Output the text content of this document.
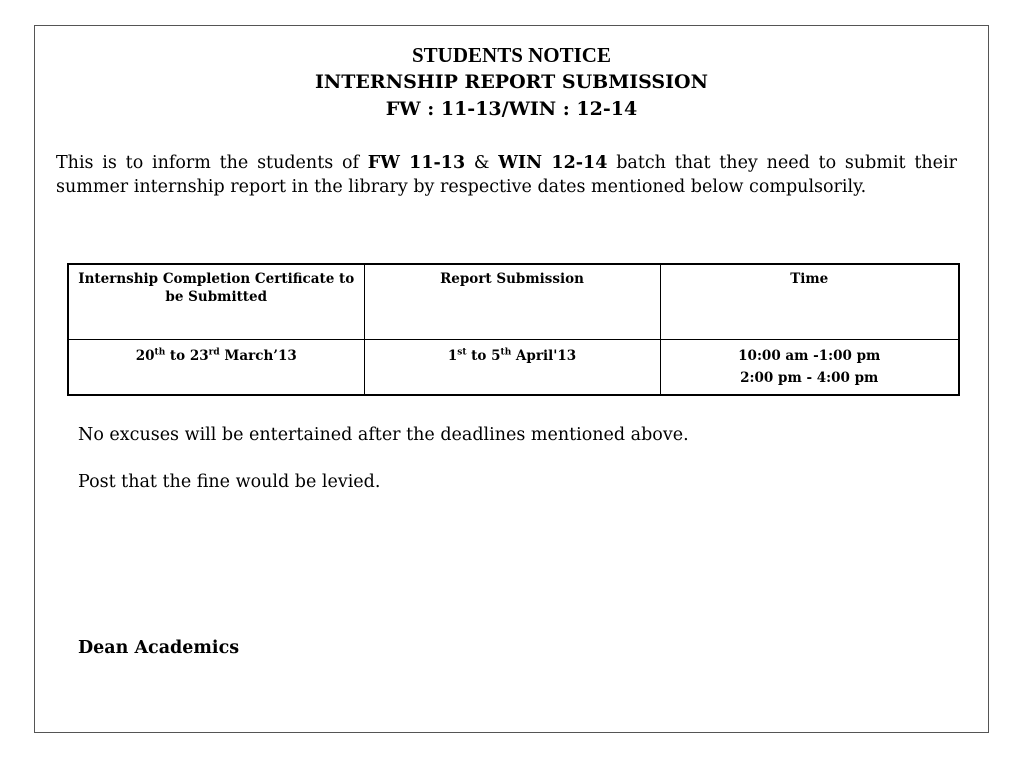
STUDENTS NOTICE
INTERNSHIP REPORT SUBMISSION
FW : 11-13/WIN : 12-14
This is to inform the students of FW 11-13 & WIN 12-14 batch that they need to submit their summer internship report in the library by respective dates mentioned below compulsorily.
Internship Completion Certificate to be Submitted	Report Submission	Time
20th to 23rd March’13	1st to 5th April'13	10:00 am -1:00 pm
2:00 pm - 4:00 pm
No excuses will be entertained after the deadlines mentioned above.
Post that the fine would be levied.
Dean Academics
